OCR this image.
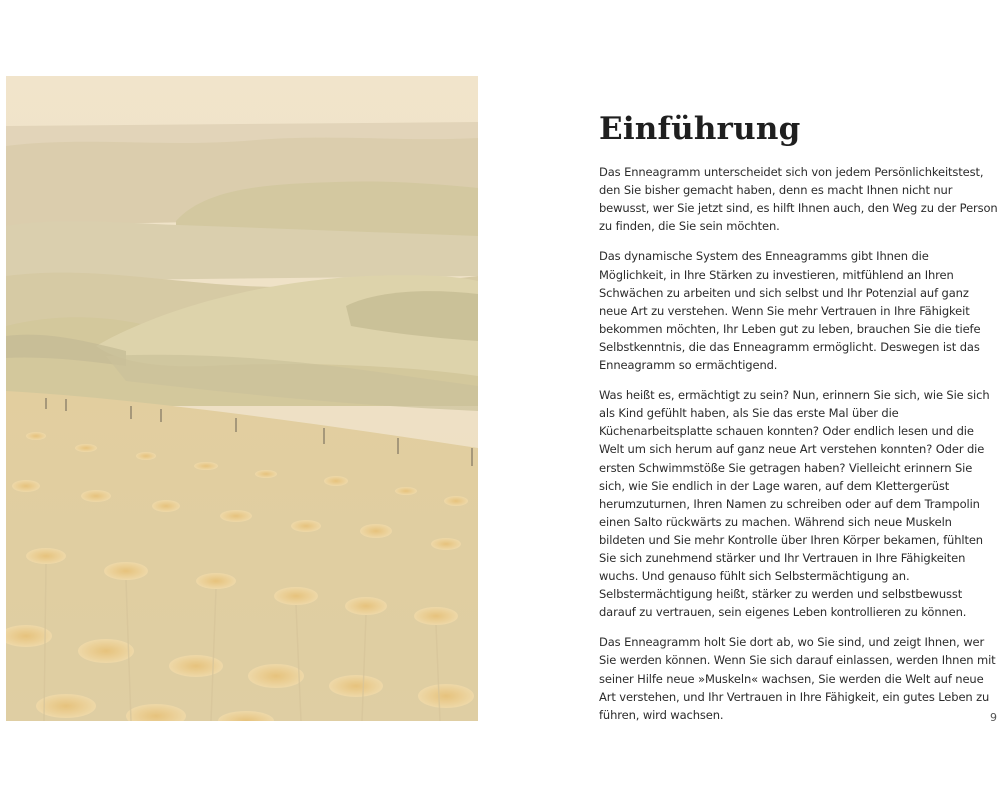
Einführung

Das Enneagramm unterscheidet sich von jedem Persönlichkeitstest, den Sie bisher gemacht haben, denn es macht Ihnen nicht nur bewusst, wer Sie jetzt sind, es hilft Ihnen auch, den Weg zu der Person zu finden, die Sie sein möchten.

Das dynamische System des Enneagramms gibt Ihnen die Möglichkeit, in Ihre Stärken zu investieren, mitfühlend an Ihren Schwächen zu arbeiten und sich selbst und Ihr Potenzial auf ganz neue Art zu verstehen. Wenn Sie mehr Vertrauen in Ihre Fähigkeit bekommen möchten, Ihr Leben gut zu leben, brauchen Sie die tiefe Selbstkenntnis, die das Enneagramm ermöglicht. Deswegen ist das Enneagramm so ermächtigend.

Was heißt es, ermächtigt zu sein? Nun, erinnern Sie sich, wie Sie sich als Kind gefühlt haben, als Sie das erste Mal über die Küchenarbeitsplatte schauen konnten? Oder endlich lesen und die Welt um sich herum auf ganz neue Art verstehen konnten? Oder die ersten Schwimmstöße Sie getragen haben? Vielleicht erinnern Sie sich, wie Sie endlich in der Lage waren, auf dem Klettergerüst herumzuturnen, Ihren Namen zu schreiben oder auf dem Trampolin einen Salto rückwärts zu machen. Während sich neue Muskeln bildeten und Sie mehr Kontrolle über Ihren Körper bekamen, fühlten Sie sich zunehmend stärker und Ihr Vertrauen in Ihre Fähigkeiten wuchs. Und genauso fühlt sich Selbstermächtigung an. Selbstermächtigung heißt, stärker zu werden und selbstbewusst darauf zu vertrauen, sein eigenes Leben kontrollieren zu können.

Das Enneagramm holt Sie dort ab, wo Sie sind, und zeigt Ihnen, wer Sie werden können. Wenn Sie sich darauf einlassen, werden Ihnen mit seiner Hilfe neue »Muskeln« wachsen, Sie werden die Welt auf neue Art verstehen, und Ihr Vertrauen in Ihre Fähigkeit, ein gutes Leben zu führen, wird wachsen.	9
